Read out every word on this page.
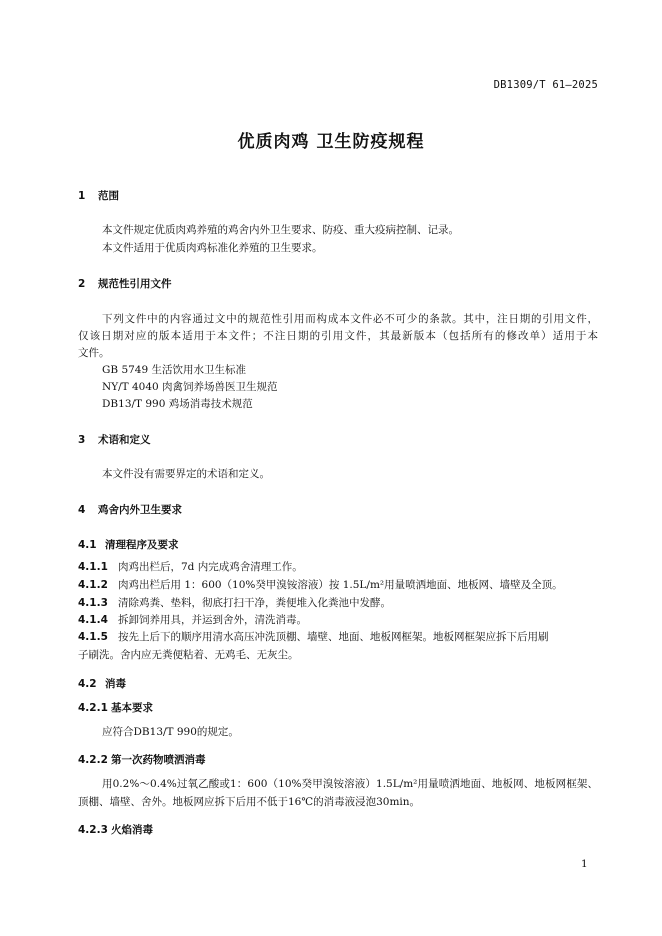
DB1309/T 61—2025
优质肉鸡 卫生防疫规程
1 范围
本文件规定优质肉鸡养殖的鸡舍内外卫生要求、防疫、重大疫病控制、记录。
本文件适用于优质肉鸡标准化养殖的卫生要求。
2 规范性引用文件
下列文件中的内容通过文中的规范性引用而构成本文件必不可少的条款。其中，注日期的引用文件，
仅该日期对应的版本适用于本文件；不注日期的引用文件，其最新版本（包括所有的修改单）适用于本
文件。
GB 5749 生活饮用水卫生标准
NY/T 4040 肉禽饲养场兽医卫生规范
DB13/T 990 鸡场消毒技术规范
3 术语和定义
本文件没有需要界定的术语和定义。
4 鸡舍内外卫生要求
4.1 清理程序及要求
4.1.1 肉鸡出栏后，7d 内完成鸡舍清理工作。
4.1.2 肉鸡出栏后用 1：600（10%癸甲溴铵溶液）按 1.5L/m²用量喷洒地面、地板网、墙壁及全顶。
4.1.3 清除鸡粪、垫料，彻底打扫干净，粪便堆入化粪池中发酵。
4.1.4 拆卸饲养用具，并运到舍外，清洗消毒。
4.1.5 按先上后下的顺序用清水高压冲洗顶棚、墙壁、地面、地板网框架。地板网框架应拆下后用刷
子刷洗。舍内应无粪便粘着、无鸡毛、无灰尘。
4.2 消毒
4.2.1 基本要求
应符合DB13/T 990的规定。
4.2.2 第一次药物喷洒消毒
用0.2%～0.4%过氧乙酸或1：600（10%癸甲溴铵溶液）1.5L/m²用量喷洒地面、地板网、地板网框架、
顶棚、墙壁、舍外。地板网应拆下后用不低于16℃的消毒液浸泡30min。
4.2.3 火焰消毒
1
